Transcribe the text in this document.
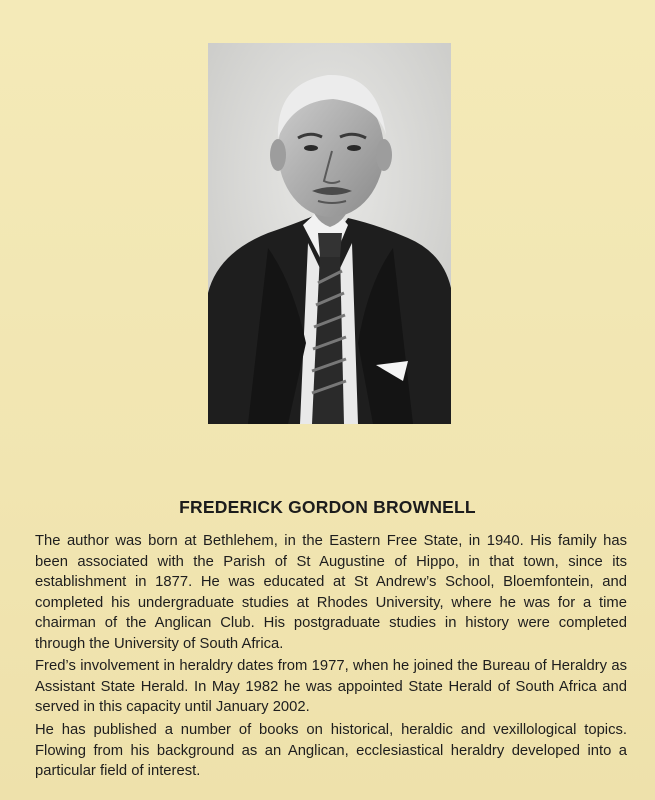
FREDERICK GORDON BROWNELL

The author was born at Bethlehem, in the Eastern Free State, in 1940. His family has been associated with the Parish of St Augustine of Hippo, in that town, since its establishment in 1877. He was educated at St Andrew’s School, Bloemfontein, and completed his undergraduate studies at Rhodes University, where he was for a time chairman of the Anglican Club. His postgraduate studies in history were completed through the University of South Africa.

Fred’s involvement in heraldry dates from 1977, when he joined the Bureau of Heraldry as Assistant State Herald. In May 1982 he was appointed State Herald of South Africa and served in this capacity until January 2002.

He has published a number of books on historical, heraldic and vexillological topics. Flowing from his background as an Anglican, ecclesiastical heraldry developed into a particular field of interest.
